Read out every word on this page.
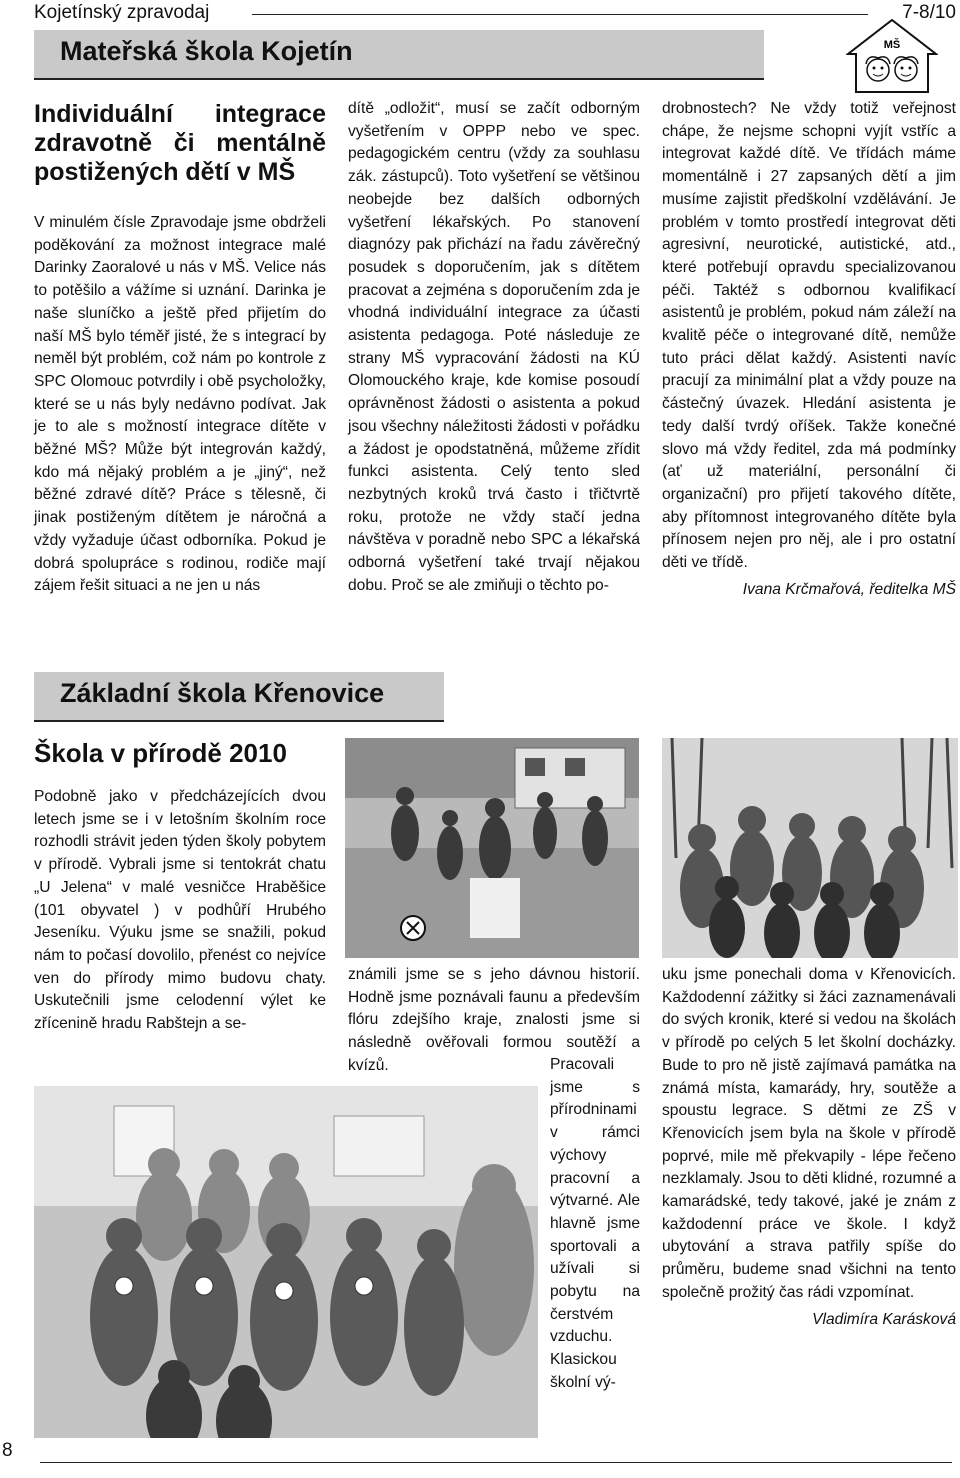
Kojetínský zpravodaj	7-8/10
Mateřská škola Kojetín	MŠ
Individuální integrace zdravotně či mentálně postižených dětí v MŠ

V minulém čísle Zpravodaje jsme obdrželi poděkování za možnost integrace malé Darinky Zaoralové u nás v MŠ. Velice nás to potěšilo a vážíme si uznání. Darinka je naše sluníčko a ještě před přijetím do naší MŠ bylo téměř jisté, že s integrací by neměl být problém, což nám po kontrole z SPC Olomouc potvrdily i obě psycholožky, které se u nás byly nedávno podívat. Jak je to ale s možností integrace dítěte v běžné MŠ? Může být integrován každý, kdo má nějaký problém a je „jiný“, než běžné zdravé dítě? Práce s tělesně, či jinak postiženým dítětem je náročná a vždy vyžaduje účast odborníka. Pokud je dobrá spolupráce s rodinou, rodiče mají zájem řešit situaci a ne jen u nás

dítě „odložit“, musí se začít odborným vyšetřením v OPPP nebo ve spec. pedagogickém centru (vždy za souhlasu zák. zástupců). Toto vyšetření se většinou neobejde bez dalších odborných vyšetření lékařských. Po stanovení diagnózy pak přichází na řadu závěrečný posudek s doporučením, jak s dítětem pracovat a zejména s doporučením zda je vhodná individuální integrace za účasti asistenta pedagoga. Poté následuje ze strany MŠ vypracování žádosti na KÚ Olomouckého kraje, kde komise posoudí oprávněnost žádosti o asistenta a pokud jsou všechny náležitosti žádosti v pořádku a žádost je opodstatněná, můžeme zřídit funkci asistenta. Celý tento sled nezbytných kroků trvá často i třičtvrtě roku, protože ne vždy stačí jedna návštěva v poradně nebo SPC a lékařská odborná vyšetření také trvají nějakou dobu. Proč se ale zmiňuji o těchto po-

drobnostech? Ne vždy totiž veřejnost chápe, že nejsme schopni vyjít vstříc a integrovat každé dítě. Ve třídách máme momentálně i 27 zapsaných dětí a jim musíme zajistit předškolní vzdělávání. Je problém v tomto prostředí integrovat děti agresivní, neurotické, autistické, atd., které potřebují opravdu specializovanou péči. Taktéž s odbornou kvalifikací asistentů je problém, pokud nám záleží na kvalitě péče o integrované dítě, nemůže tuto práci dělat každý. Asistenti navíc pracují za minimální plat a vždy pouze na částečný úvazek. Hledání asistenta je tedy další tvrdý oříšek. Takže konečné slovo má vždy ředitel, zda má podmínky (ať už materiální, personální či organizační) pro přijetí takového dítěte, aby přítomnost integrovaného dítěte byla přínosem nejen pro něj, ale i pro ostatní děti ve třídě.

Ivana Krčmařová, ředitelka MŠ

Základní škola Křenovice
Škola v přírodě 2010

Podobně jako v předcházejících dvou letech jsme se i v letošním školním roce rozhodli strávit jeden týden školy pobytem v přírodě. Vybrali jsme si tentokrát chatu „U Jelena“ v malé vesničce Hraběšice (101 obyvatel ) v podhůří Hrubého Jeseníku. Výuku jsme se snažili, pokud nám to počasí dovolilo, přenést co nejvíce ven do přírody mimo budovu chaty. Uskutečnili jsme celodenní výlet ke zřícenině hradu Rabštejn a se-

známili jsme se s jeho dávnou historií. Hodně jsme poznávali faunu a především flóru zdejšího kraje, znalosti jsme si následně ověřovali formou soutěží a kvízů.	Pracovali jsme s přírodninami v rámci výchovy pracovní a výtvarné. Ale hlavně jsme sportovali a užívali si pobytu na čerstvém vzduchu. Klasickou školní vý-

uku jsme ponechali doma v Křenovicích. Každodenní zážitky si žáci zaznamenávali do svých kronik, které si vedou na školách v přírodě po celých 5 let školní docházky. Bude to pro ně jistě zajímavá památka na známá místa, kamarády, hry, soutěže a spoustu legrace. S dětmi ze ZŠ v Křenovicích jsem byla na škole v přírodě poprvé, mile mě překvapily - lépe řečeno nezklamaly. Jsou to děti klidné, rozumné a kamarádské, tedy takové, jaké je znám z každodenní práce ve škole. I když ubytování a strava patřily spíše do průměru, budeme snad všichni na tento společně prožitý čas rádi vzpomínat.

Vladimíra Karásková

8
